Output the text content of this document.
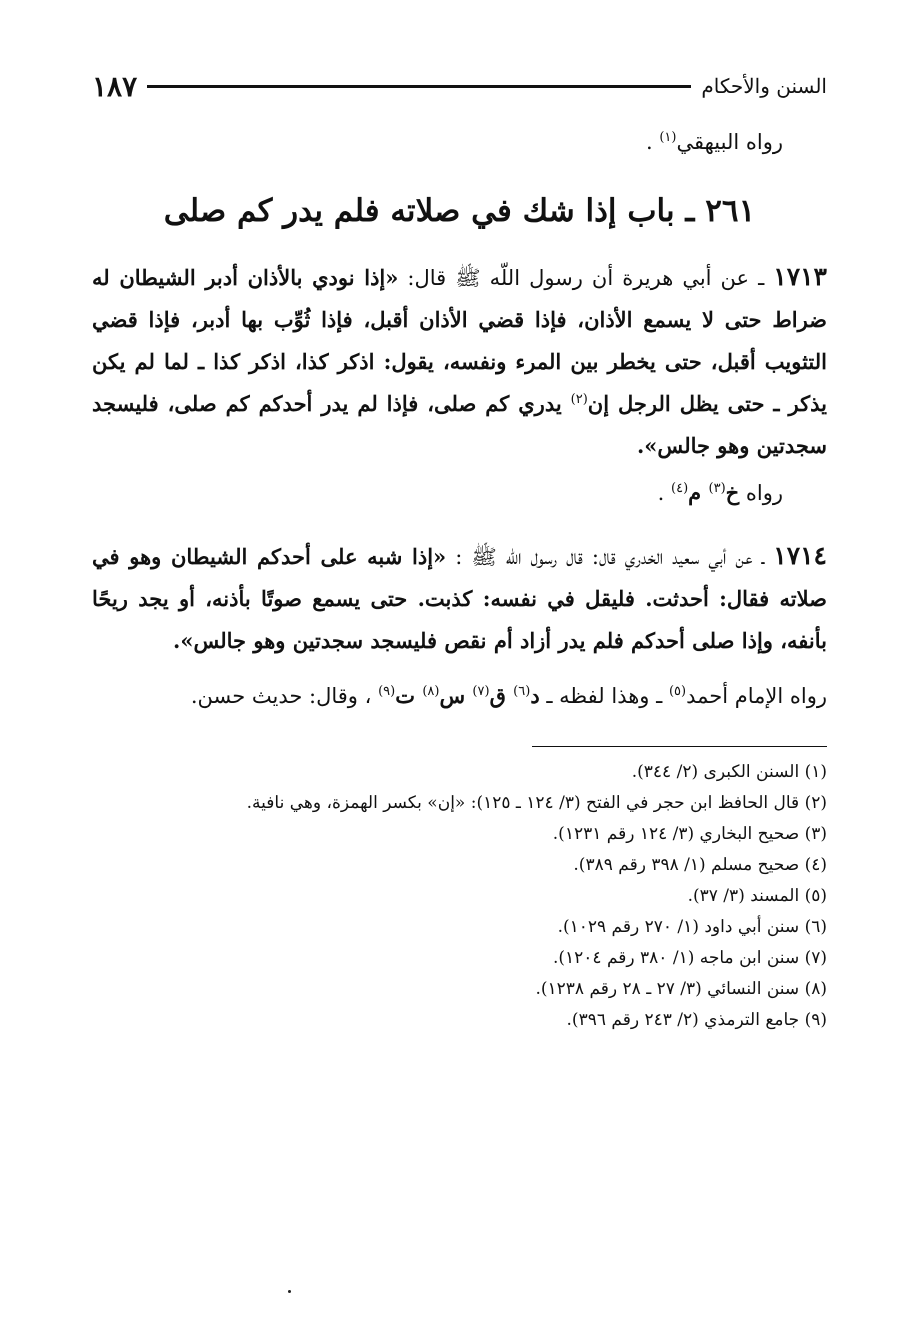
السنن والأحكام
١٨٧
رواه البيهقي$^{(١)}$ .
٢٦١ ـ باب إذا شك في صلاته فلم يدر كم صلى
١٧١٣ ـ عن أبي هريرة أن رسول اللّه ﷺ قال: «إذا نودي بالأذان أدبر الشيطان له ضراط حتى لا يسمع الأذان، فإذا قضي الأذان أقبل، فإذا ثُوِّب بها أدبر، فإذا قضي التثويب أقبل، حتى يخطر بين المرء ونفسه، يقول: اذكر كذا، اذكر كذا ـ لما لم يكن يذكر ـ حتى يظل الرجل إن$^{(٢)}$ يدري كم صلى، فإذا لم يدر أحدكم كم صلى، فليسجد سجدتين وهو جالس».
رواه خ$^{(٣)}$ م$^{(٤)}$ .
١٧١٤ ـ عن أبي سعيد الخدري قال: قال رسول اللّه ﷺ : «إذا شبه على أحدكم الشيطان وهو في صلاته فقال: أحدثت. فليقل في نفسه: كذبت. حتى يسمع صوتًا بأذنه، أو يجد ريحًا بأنفه، وإذا صلى أحدكم فلم يدر أزاد أم نقص فليسجد سجدتين وهو جالس».
رواه الإمام أحمد$^{(٥)}$ ـ وهذا لفظه ـ د$^{(٦)}$ ق$^{(٧)}$ س$^{(٨)}$ ت$^{(٩)}$ ، وقال: حديث حسن.
(١) السنن الكبرى (٢/ ٣٤٤).
(٢) قال الحافظ ابن حجر في الفتح (٣/ ١٢٤ ـ ١٢٥): «إن» بكسر الهمزة، وهي نافية.
(٣) صحيح البخاري (٣/ ١٢٤ رقم ١٢٣١).
(٤) صحيح مسلم (١/ ٣٩٨ رقم ٣٨٩).
(٥) المسند (٣/ ٣٧).
(٦) سنن أبي داود (١/ ٢٧٠ رقم ١٠٢٩).
(٧) سنن ابن ماجه (١/ ٣٨٠ رقم ١٢٠٤).
(٨) سنن النسائي (٣/ ٢٧ ـ ٢٨ رقم ١٢٣٨).
(٩) جامع الترمذي (٢/ ٢٤٣ رقم ٣٩٦).
